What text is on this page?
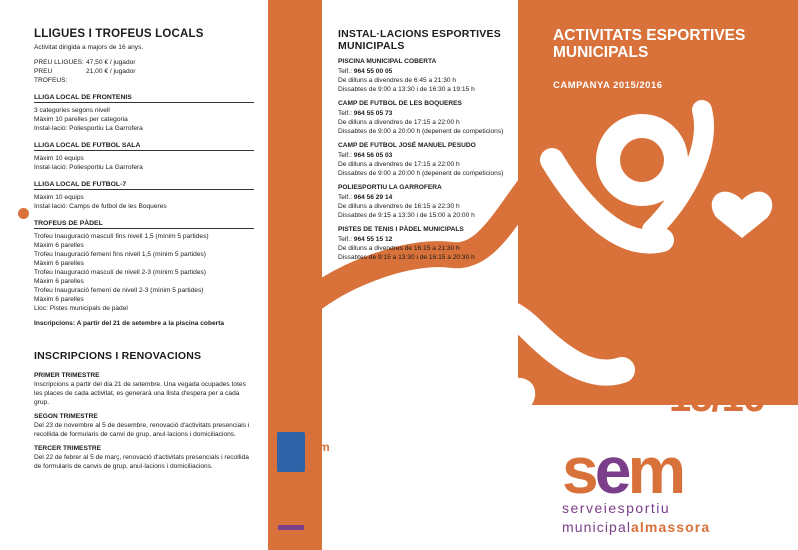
LLIGUES I TROFEUS LOCALS
Activitat dirigida a majors de 16 anys.
PREU LLIGUES: 47,50 € / jugador
PREU TROFEUS:
21,00 € / jugador
LLIGA LOCAL DE FRONTENIS
3 categories segons nivell
Màxim 10 parelles per categoria
Instal·lació: Poliesportiu La Garrofera
LLIGA LOCAL DE FUTBOL SALA
Màxim 10 equips
Instal·lació: Poliesportiu La Garrofera
LLIGA LOCAL DE FUTBOL-7
Màxim 10 equips
Instal·lació: Camps de futbol de les Boqueres
TROFEUS DE PÀDEL
Trofeu Inauguració masculí fins nivell 1,5 (mínim 5 partides)
Màxim 6 parelles
Trofeu Inauguració femení fins nivell 1,5 (mínim 5 partides)
Màxim 6 parelles
Trofeu Inauguració masculí de nivell 2-3 (mínim 5 partides)
Màxim 6 parelles
Trofeu Inauguració femení de nivell 2-3 (mínim 5 partides)
Màxim 6 parelles
Lloc: Pistes municipals de pàdel
Inscripcions: A partir del 21 de setembre a la piscina coberta
INSCRIPCIONS I RENOVACIONS
PRIMER TRIMESTRE
Inscripcions a partir del dia 21 de setembre. Una vegada ocupades totes les places de cada activitat, es generarà una llista d'espera per a cada grup.
SEGON TRIMESTRE
Del 23 de novembre al 5 de desembre, renovació d'activitats presencials i recollida de formularis de canvi de grup, anul·lacions i domiciliacions.
TERCER TRIMESTRE
Del 22 de febrer al 5 de març, renovació d'activitats presencials i recollida de formularis de canvis de grup, anul·lacions i domiciliacions.
INSTAL·LACIONS ESPORTIVES MUNICIPALS
PISCINA MUNICIPAL COBERTA
Telf.: 964 55 00 05
De dilluns a divendres de 6:45 a 21:30 h
Dissabtes de 9:00 a 13:30 i de 16:30 a 19:15 h
CAMP DE FUTBOL DE LES BOQUERES
Telf.: 964 55 05 73
De dilluns a divendres de 17:15 a 22:00 h
Dissabtes de 9:00 a 20:00 h (depenent de competicions)
CAMP DE FUTBOL JOSÉ MANUEL PESUDO
Telf.: 964 56 05 03
De dilluns a divendres de 17:15 a 22:00 h
Dissabtes de 9:00 a 20:00 h (depenent de competicions)
POLIESPORTIU LA GARROFERA
Telf.: 964 56 29 14
De dilluns a divendres de 16:15 a 22:30 h
Dissabtes de 9:15 a 13:30 i de 15:00 a 20:00 h
PISTES DE TENIS I PÀDEL MUNICIPALS
Telf.: 964 55 15 12
De dilluns a divendres de 16:15 a 21:30 h
Dissabtes de 9:15 a 13:30 i de 16:15 a 20:30 h
ACTIVITATS ESPORTIVES
MUNICIPALS
CAMPANYA 2015/2016
15/16
sem
serveiesportiu
municipalalmassora
com
